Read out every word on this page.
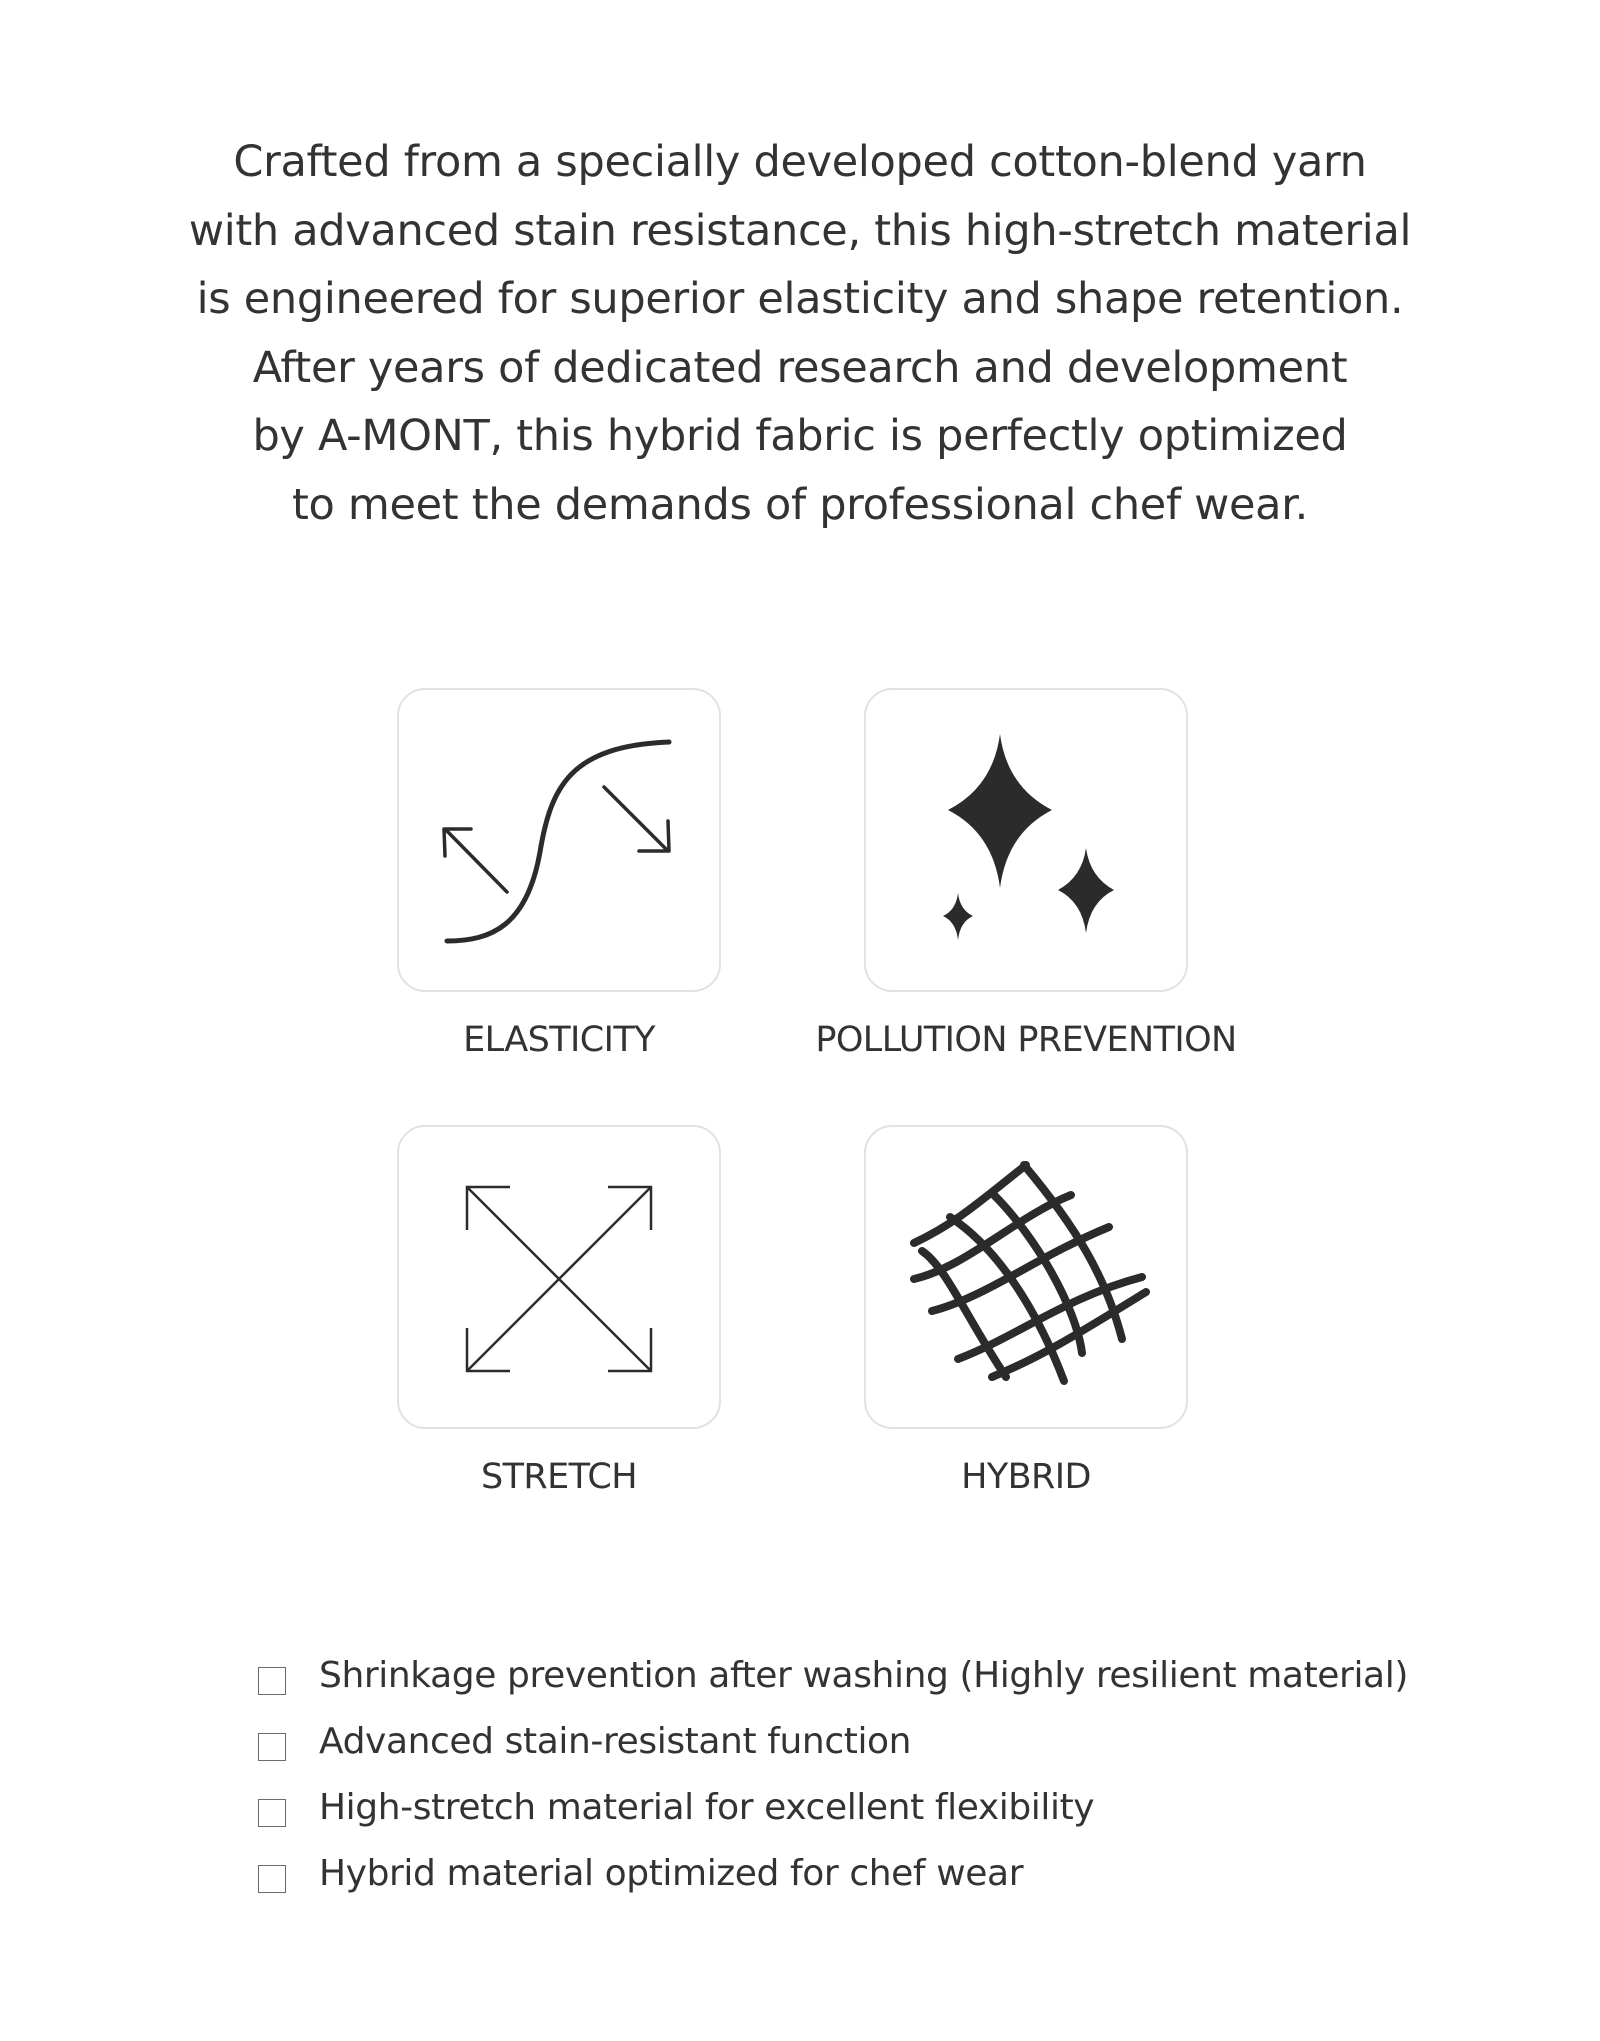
Crafted from a specially developed cotton-blend yarn
with advanced stain resistance, this high-stretch material
is engineered for superior elasticity and shape retention.
After years of dedicated research and development
by A-MONT, this hybrid fabric is perfectly optimized
to meet the demands of professional chef wear.
ELASTICITY	POLLUTION PREVENTION
STRETCH	HYBRID
Shrinkage prevention after washing (Highly resilient material)
Advanced stain-resistant function
High-stretch material for excellent flexibility
Hybrid material optimized for chef wear
